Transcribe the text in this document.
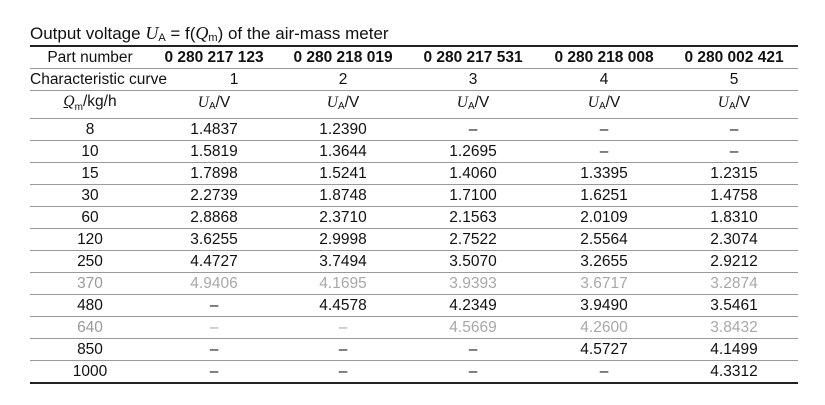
Output voltage $U_A = f(Q_m)$ of the air-mass meter
Part number	0 280 217 123	0 280 218 019	0 280 217 531	0 280 218 008	0 280 002 421
Characteristic curve	1	2	3	4	5
$Q_m/kg/h$	$U_A/V$	$U_A/V$	$U_A/V$	$U_A/V$	$U_A/V$
8	1.4837	1.2390	–	–	–
10	1.5819	1.3644	1.2695	–	–
15	1.7898	1.5241	1.4060	1.3395	1.2315
30	2.2739	1.8748	1.7100	1.6251	1.4758
60	2.8868	2.3710	2.1563	2.0109	1.8310
120	3.6255	2.9998	2.7522	2.5564	2.3074
250	4.4727	3.7494	3.5070	3.2655	2.9212
370	4.9406	4.1695	3.9393	3.6717	3.2874
480	–	4.4578	4.2349	3.9490	3.5461
640	–	–	4.5669	4.2600	3.8432
850	–	–	–	4.5727	4.1499
1000	–	–	–	–	4.3312
